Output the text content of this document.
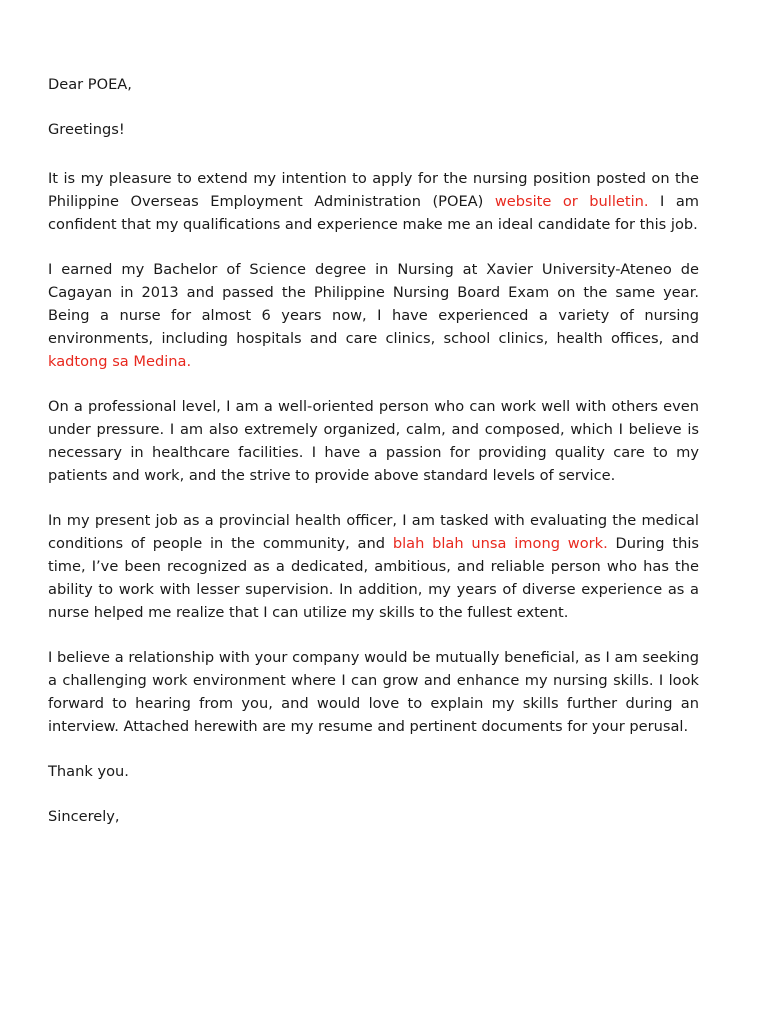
Dear POEA,

Greetings!

It is my pleasure to extend my intention to apply for the nursing position posted on the Philippine Overseas Employment Administration (POEA) website or bulletin. I am confident that my qualifications and experience make me an ideal candidate for this job.

I earned my Bachelor of Science degree in Nursing at Xavier University-Ateneo de Cagayan in 2013 and passed the Philippine Nursing Board Exam on the same year. Being a nurse for almost 6 years now, I have experienced a variety of nursing environments, including hospitals and care clinics, school clinics, health offices, and kadtong sa Medina.

On a professional level, I am a well-oriented person who can work well with others even under pressure. I am also extremely organized, calm, and composed, which I believe is necessary in healthcare facilities. I have a passion for providing quality care to my patients and work, and the strive to provide above standard levels of service.

In my present job as a provincial health officer, I am tasked with evaluating the medical conditions of people in the community, and blah blah unsa imong work. During this time, I’ve been recognized as a dedicated, ambitious, and reliable person who has the ability to work with lesser supervision. In addition, my years of diverse experience as a nurse helped me realize that I can utilize my skills to the fullest extent.

I believe a relationship with your company would be mutually beneficial, as I am seeking a challenging work environment where I can grow and enhance my nursing skills. I look forward to hearing from you, and would love to explain my skills further during an interview. Attached herewith are my resume and pertinent documents for your perusal.

Thank you.

Sincerely,
